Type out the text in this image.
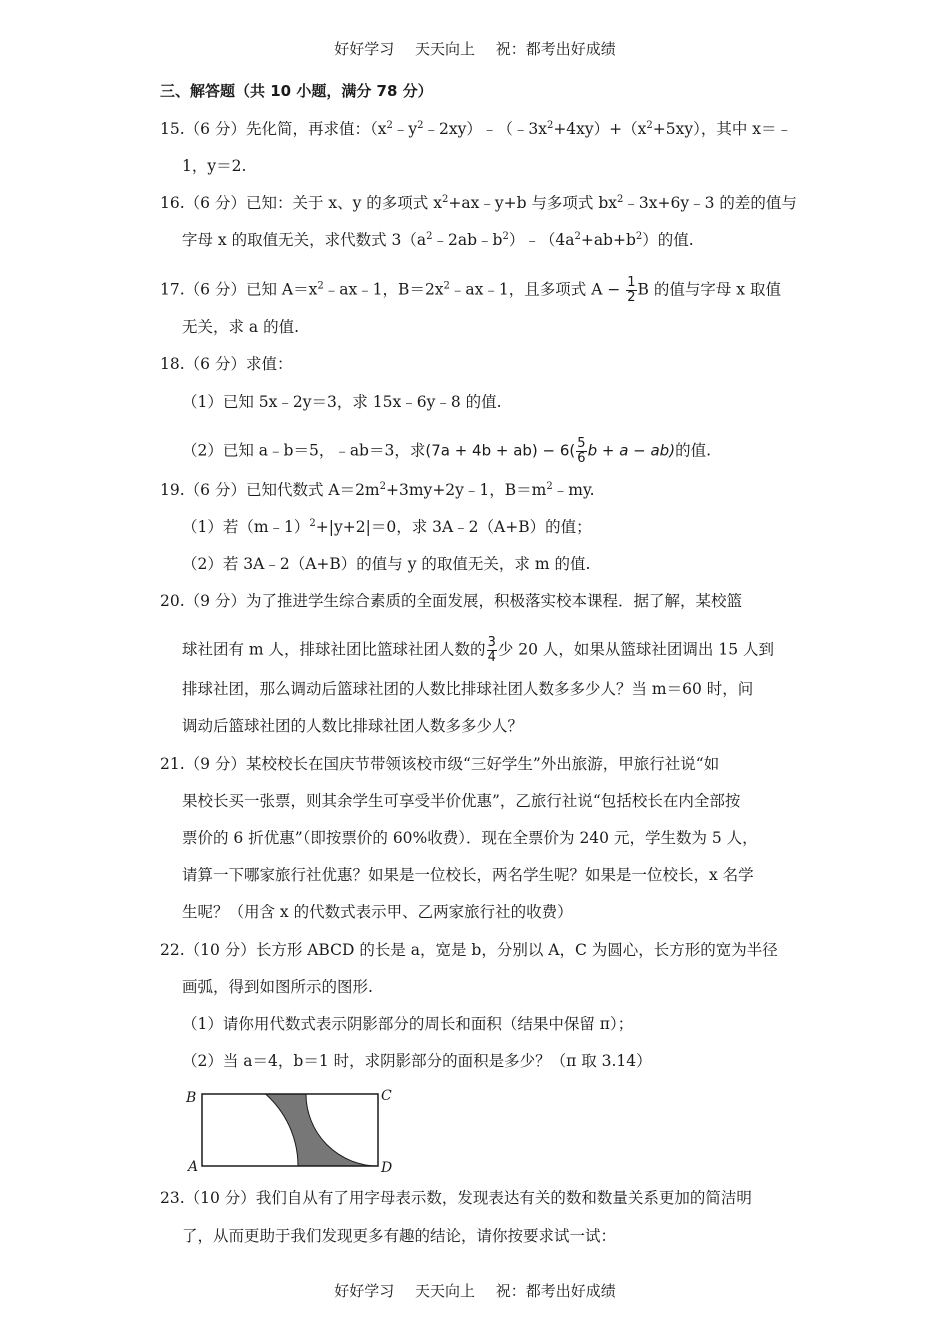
好好学习 天天向上 祝：都考出好成绩
三、解答题（共 10 小题，满分 78 分）
15.（6 分）先化简，再求值：$(x^2﹣y^2﹣2xy)﹣(﹣3x^2+4xy)+(x^2+5xy)$，其中 x＝﹣
1，y＝2.
16.（6 分）已知：关于 x、y 的多项式 $x^2+ax﹣y+b$ 与多项式 $bx^2﹣3x+6y﹣3$ 的差的值与
字母 x 的取值无关，求代数式 $3(a^2﹣2ab﹣b^2)﹣(4a^2+ab+b^2)$的值.
17.（6 分）已知 $A=x^2﹣ax﹣1$，$B=2x^2﹣ax﹣1$，且多项式 $A - \frac{1}{2}$ B 的值与字母 x 取值
无关，求 a 的值.
18.（6 分）求值：
（1）已知 5x﹣2y＝3，求 15x﹣6y﹣8 的值.
（2）已知 a﹣b＝5，﹣ab＝3，求$(7a + 4b + ab) - 6( \frac{5}{6}$ b + a − ab)的值.
19.（6 分）已知代数式 $A=2m^2+3my+2y﹣1$，$B=m^2﹣my$.
（1）若（m﹣1）$^2$+|y+2|＝0，求 3A﹣2（A+B）的值；
（2）若 3A﹣2（A+B）的值与 y 的取值无关，求 m 的值.
20.（9 分）为了推进学生综合素质的全面发展，积极落实校本课程．据了解，某校篮
球社团有 m 人，排球社团比篮球社团人数的 $\frac{3}{4}$ 少 20 人，如果从篮球社团调出 15 人到
排球社团，那么调动后篮球社团的人数比排球社团人数多多少人？当 m＝60 时，问
调动后篮球社团的人数比排球社团人数多多少人？
21.（9 分）某校校长在国庆节带领该校市级“三好学生”外出旅游，甲旅行社说“如
果校长买一张票，则其余学生可享受半价优惠”，乙旅行社说“包括校长在内全部按
票价的 6 折优惠”（即按票价的 60%收费）．现在全票价为 240 元，学生数为 5 人，
请算一下哪家旅行社优惠？如果是一位校长，两名学生呢？如果是一位校长，x 名学
生呢？（用含 x 的代数式表示甲、乙两家旅行社的收费）
22.（10 分）长方形 ABCD 的长是 a，宽是 b，分别以 A，C 为圆心，长方形的宽为半径
画弧，得到如图所示的图形.
（1）请你用代数式表示阴影部分的周长和面积（结果中保留 π）；
（2）当 a＝4，b＝1 时，求阴影部分的面积是多少？（π 取 3.14）
B	C
A	D
23.（10 分）我们自从有了用字母表示数，发现表达有关的数和数量关系更加的简洁明
了，从而更助于我们发现更多有趣的结论，请你按要求试一试：
好好学习 天天向上 祝：都考出好成绩
